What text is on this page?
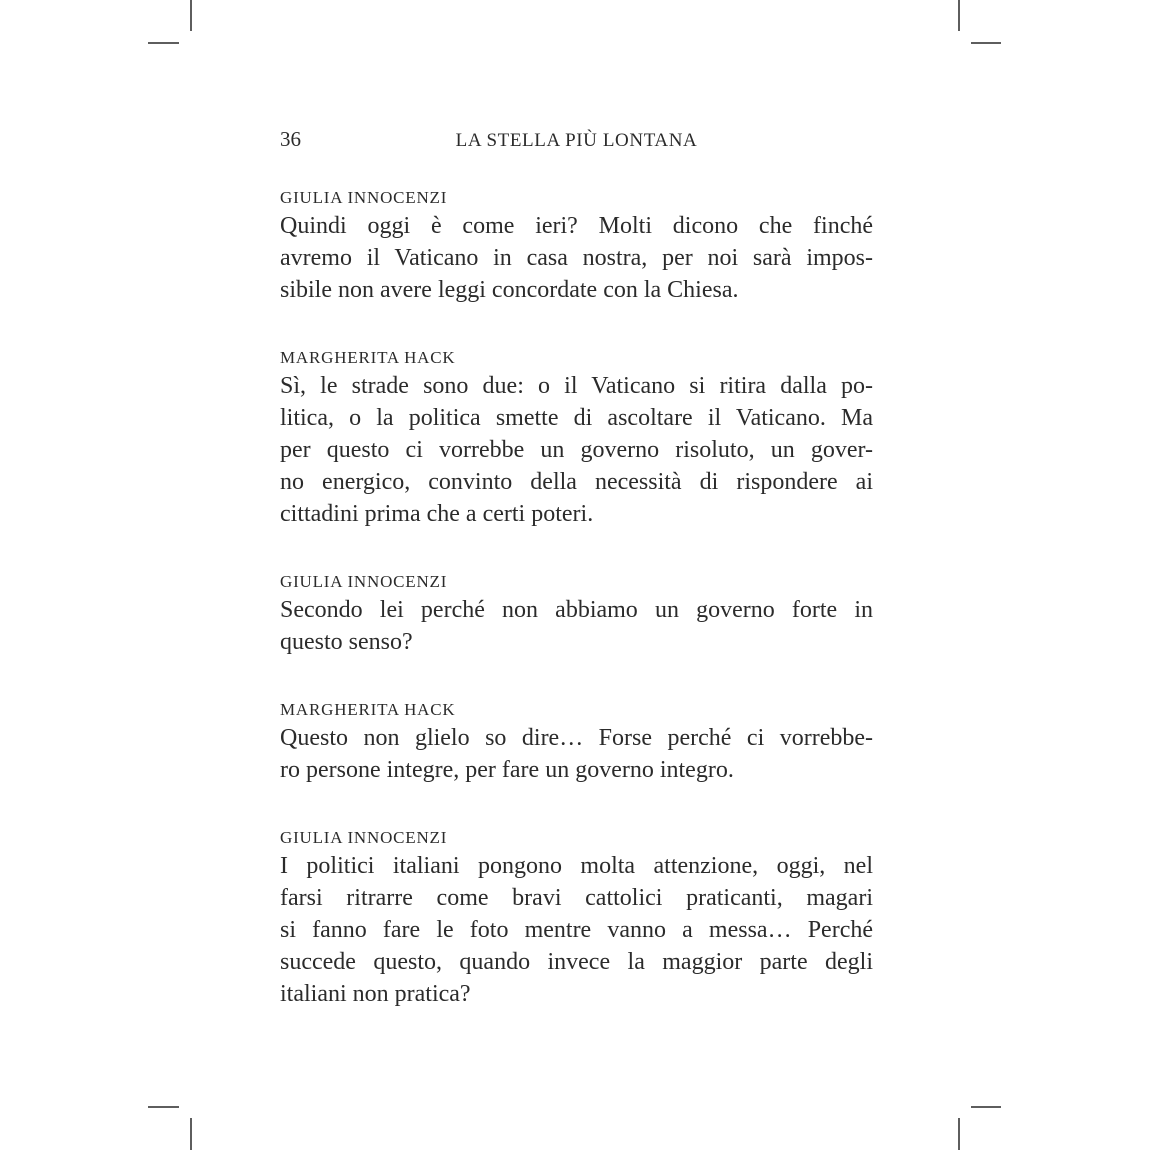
36	LA STELLA PIÙ LONTANA
GIULIA INNOCENZI
Quindi oggi è come ieri? Molti dicono che finché
avremo il Vaticano in casa nostra, per noi sarà impos-
sibile non avere leggi concordate con la Chiesa.
MARGHERITA HACK
Sì, le strade sono due: o il Vaticano si ritira dalla po-
litica, o la politica smette di ascoltare il Vaticano. Ma
per questo ci vorrebbe un governo risoluto, un gover-
no energico, convinto della necessità di rispondere ai
cittadini prima che a certi poteri.
GIULIA INNOCENZI
Secondo lei perché non abbiamo un governo forte in
questo senso?
MARGHERITA HACK
Questo non glielo so dire… Forse perché ci vorrebbe-
ro persone integre, per fare un governo integro.
GIULIA INNOCENZI
I politici italiani pongono molta attenzione, oggi, nel
farsi ritrarre come bravi cattolici praticanti, magari
si fanno fare le foto mentre vanno a messa… Perché
succede questo, quando invece la maggior parte degli
italiani non pratica?
